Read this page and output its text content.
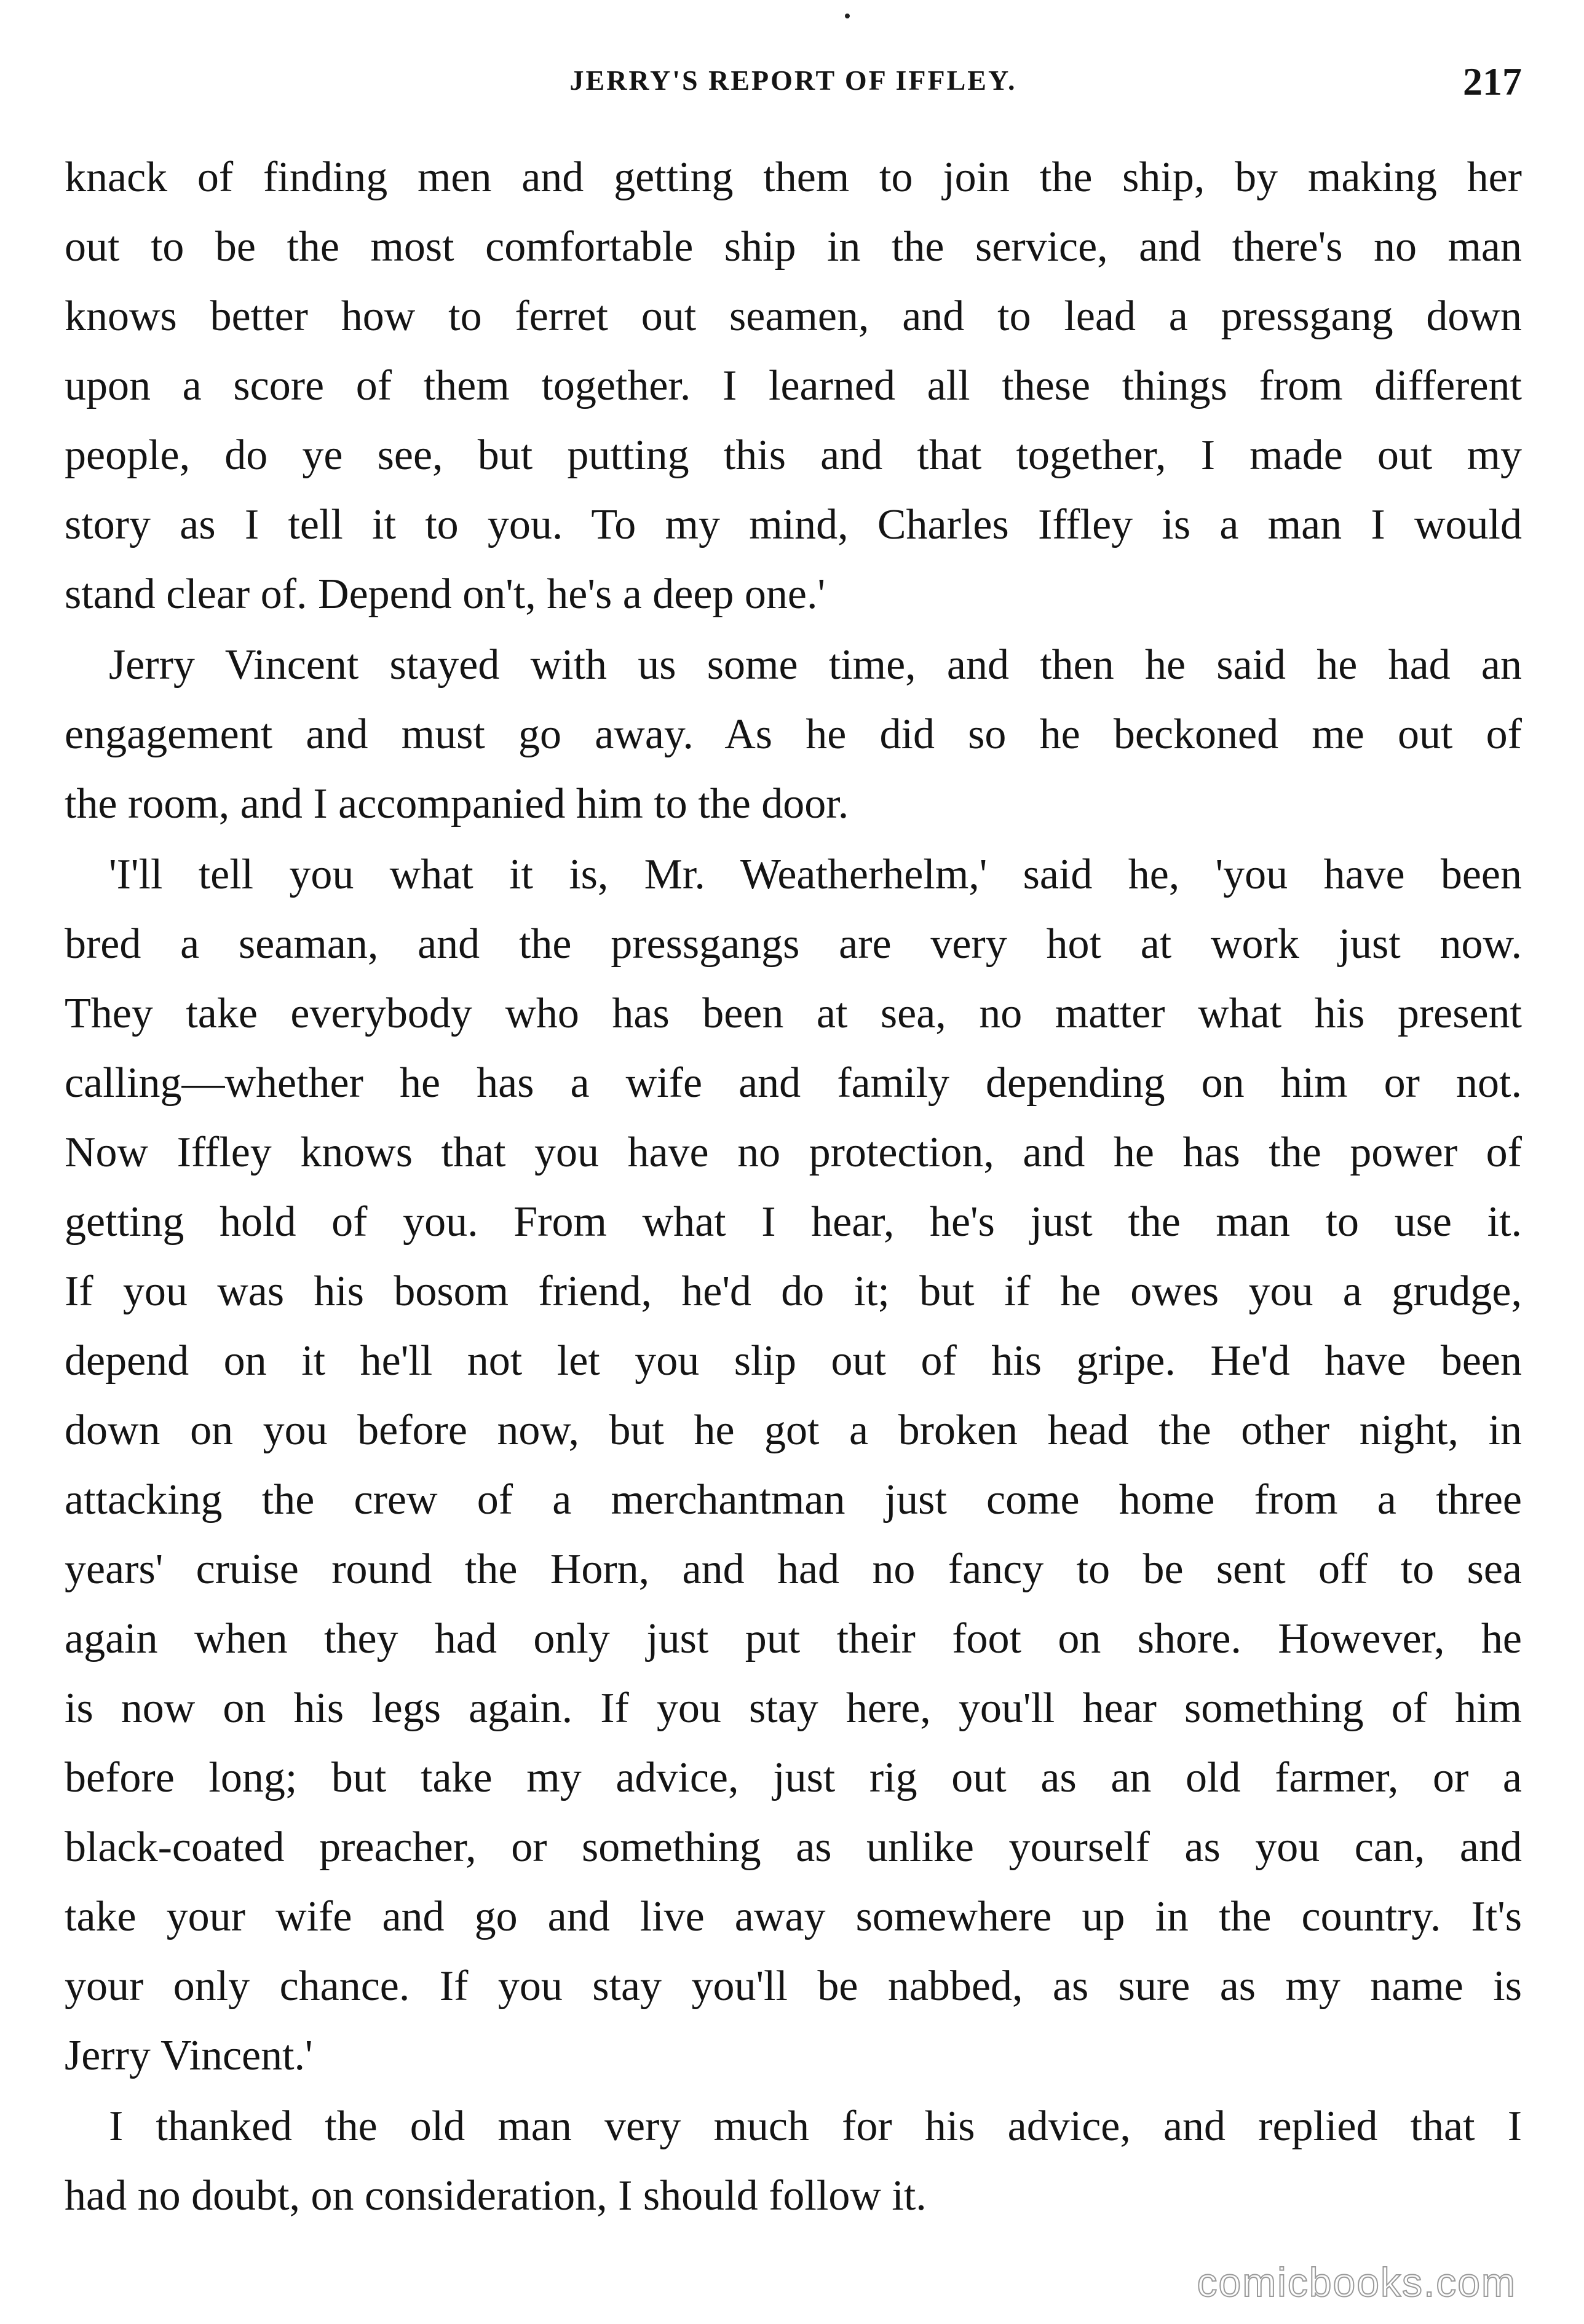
JERRY'S REPORT OF IFFLEY.	217
knack of finding men and getting them to join the ship, by making her
out to be the most comfortable ship in the service, and there's no man
knows better how to ferret out seamen, and to lead a pressgang down
upon a score of them together. I learned all these things from different
people, do ye see, but putting this and that together, I made out my
story as I tell it to you. To my mind, Charles Iffley is a man I would
stand clear of. Depend on't, he's a deep one.'
Jerry Vincent stayed with us some time, and then he said he had an
engagement and must go away. As he did so he beckoned me out of
the room, and I accompanied him to the door.
'I'll tell you what it is, Mr. Weatherhelm,' said he, 'you have been
bred a seaman, and the pressgangs are very hot at work just now.
They take everybody who has been at sea, no matter what his present
calling—whether he has a wife and family depending on him or not.
Now Iffley knows that you have no protection, and he has the power of
getting hold of you. From what I hear, he's just the man to use it.
If you was his bosom friend, he'd do it; but if he owes you a grudge,
depend on it he'll not let you slip out of his gripe. He'd have been
down on you before now, but he got a broken head the other night, in
attacking the crew of a merchantman just come home from a three
years' cruise round the Horn, and had no fancy to be sent off to sea
again when they had only just put their foot on shore. However, he
is now on his legs again. If you stay here, you'll hear something of him
before long; but take my advice, just rig out as an old farmer, or a
black-coated preacher, or something as unlike yourself as you can, and
take your wife and go and live away somewhere up in the country. It's
your only chance. If you stay you'll be nabbed, as sure as my name is
Jerry Vincent.'
I thanked the old man very much for his advice, and replied that I
had no doubt, on consideration, I should follow it.
comicbooks.com
